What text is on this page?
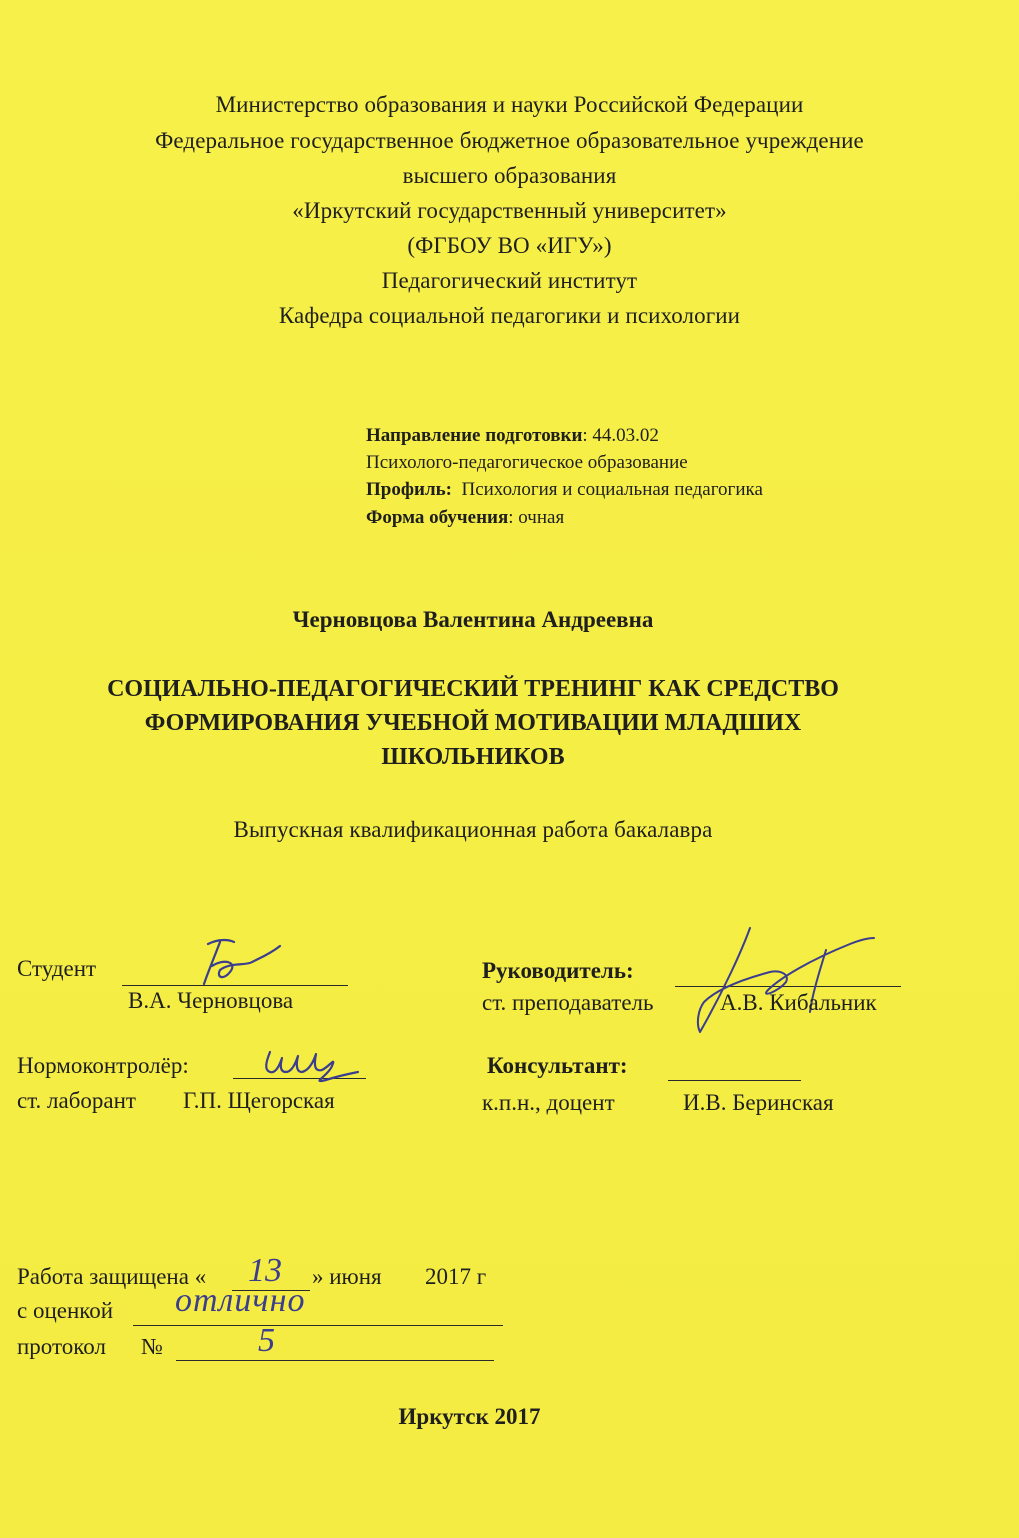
Министерство образования и науки Российской Федерации
Федеральное государственное бюджетное образовательное учреждение
высшего образования
«Иркутский государственный университет»
(ФГБОУ ВО «ИГУ»)
Педагогический институт
Кафедра социальной педагогики и психологии
Направление подготовки: 44.03.02
Психолого-педагогическое образование
Профиль: Психология и социальная педагогика
Форма обучения: очная
Черновцова Валентина Андреевна
СОЦИАЛЬНО-ПЕДАГОГИЧЕСКИЙ ТРЕНИНГ КАК СРЕДСТВО
ФОРМИРОВАНИЯ УЧЕБНОЙ МОТИВАЦИИ МЛАДШИХ
ШКОЛЬНИКОВ
Выпускная квалификационная работа бакалавра
Студент
В.А. Черновцова
Руководитель:
ст. преподаватель	А.В. Кибальник
Нормоконтролёр:
ст. лаборант Г.П. Щегорская
Консультант:
к.п.н., доцент	И.В. Беринская
Работа защищена « 13 » июня 2017 г
с оценкой отлично
протокол №	5
Иркутск 2017
